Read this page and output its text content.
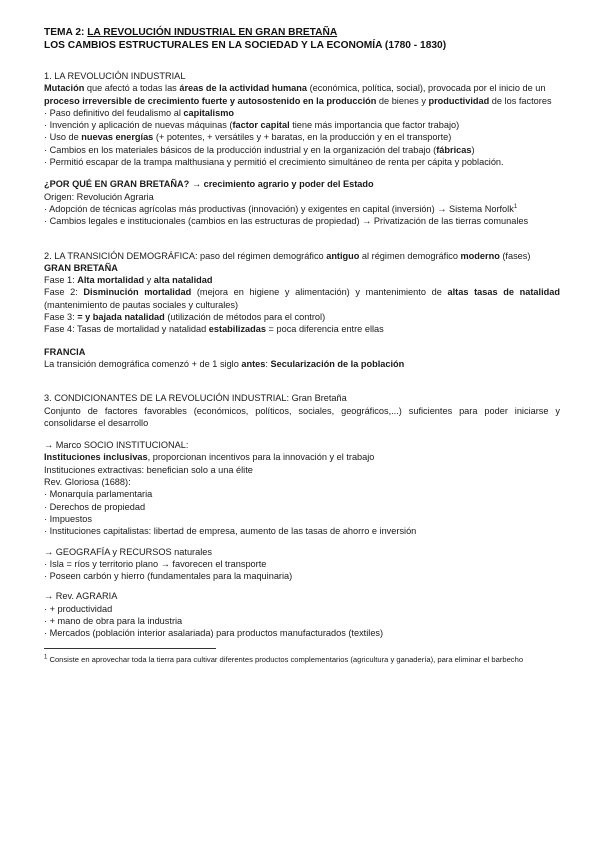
TEMA 2: LA REVOLUCIÓN INDUSTRIAL EN GRAN BRETAÑA
LOS CAMBIOS ESTRUCTURALES EN LA SOCIEDAD Y LA ECONOMÍA (1780 - 1830)
1. LA REVOLUCIÓN INDUSTRIAL
Mutación que afectó a todas las áreas de la actividad humana (económica, política, social), provocada por el inicio de un proceso irreversible de crecimiento fuerte y autosostenido en la producción de bienes y productividad de los factores
· Paso definitivo del feudalismo al capitalismo
· Invención y aplicación de nuevas máquinas (factor capital tiene más importancia que factor trabajo)
· Uso de nuevas energías (+ potentes, + versátiles y + baratas, en la producción y en el transporte)
· Cambios en los materiales básicos de la producción industrial y en la organización del trabajo (fábricas)
· Permitió escapar de la trampa malthusiana y permitió el crecimiento simultáneo de renta per cápita y población.
¿POR QUÉ EN GRAN BRETAÑA? → crecimiento agrario y poder del Estado
Origen: Revolución Agraria
· Adopción de técnicas agrícolas más productivas (innovación) y exigentes en capital (inversión) → Sistema Norfolk$^1$
· Cambios legales e institucionales (cambios en las estructuras de propiedad) → Privatización de las tierras comunales
2. LA TRANSICIÓN DEMOGRÁFICA: paso del régimen demográfico antiguo al régimen demográfico moderno (fases)
GRAN BRETAÑA
Fase 1: Alta mortalidad y alta natalidad
Fase 2: Disminución mortalidad (mejora en higiene y alimentación) y mantenimiento de altas tasas de natalidad (mantenimiento de pautas sociales y culturales)
Fase 3: = y bajada natalidad (utilización de métodos para el control)
Fase 4: Tasas de mortalidad y natalidad estabilizadas = poca diferencia entre ellas
FRANCIA
La transición demográfica comenzó + de 1 siglo antes: Secularización de la población
3. CONDICIONANTES DE LA REVOLUCIÓN INDUSTRIAL: Gran Bretaña
Conjunto de factores favorables (económicos, políticos, sociales, geográficos,...) suficientes para poder iniciarse y consolidarse el desarrollo
→ Marco SOCIO INSTITUCIONAL:
Instituciones inclusivas, proporcionan incentivos para la innovación y el trabajo
Instituciones extractivas: benefician solo a una élite
Rev. Gloriosa (1688):
· Monarquía parlamentaria
· Derechos de propiedad
· Impuestos
· Instituciones capitalistas: libertad de empresa, aumento de las tasas de ahorro e inversión
→ GEOGRAFÍA y RECURSOS naturales
· Isla = ríos y territorio plano → favorecen el transporte
· Poseen carbón y hierro (fundamentales para la maquinaria)
→ Rev. AGRARIA
· + productividad
· + mano de obra para la industria
· Mercados (población interior asalariada) para productos manufacturados (textiles)
$^1$ Consiste en aprovechar toda la tierra para cultivar diferentes productos complementarios (agricultura y ganadería), para eliminar el barbecho
